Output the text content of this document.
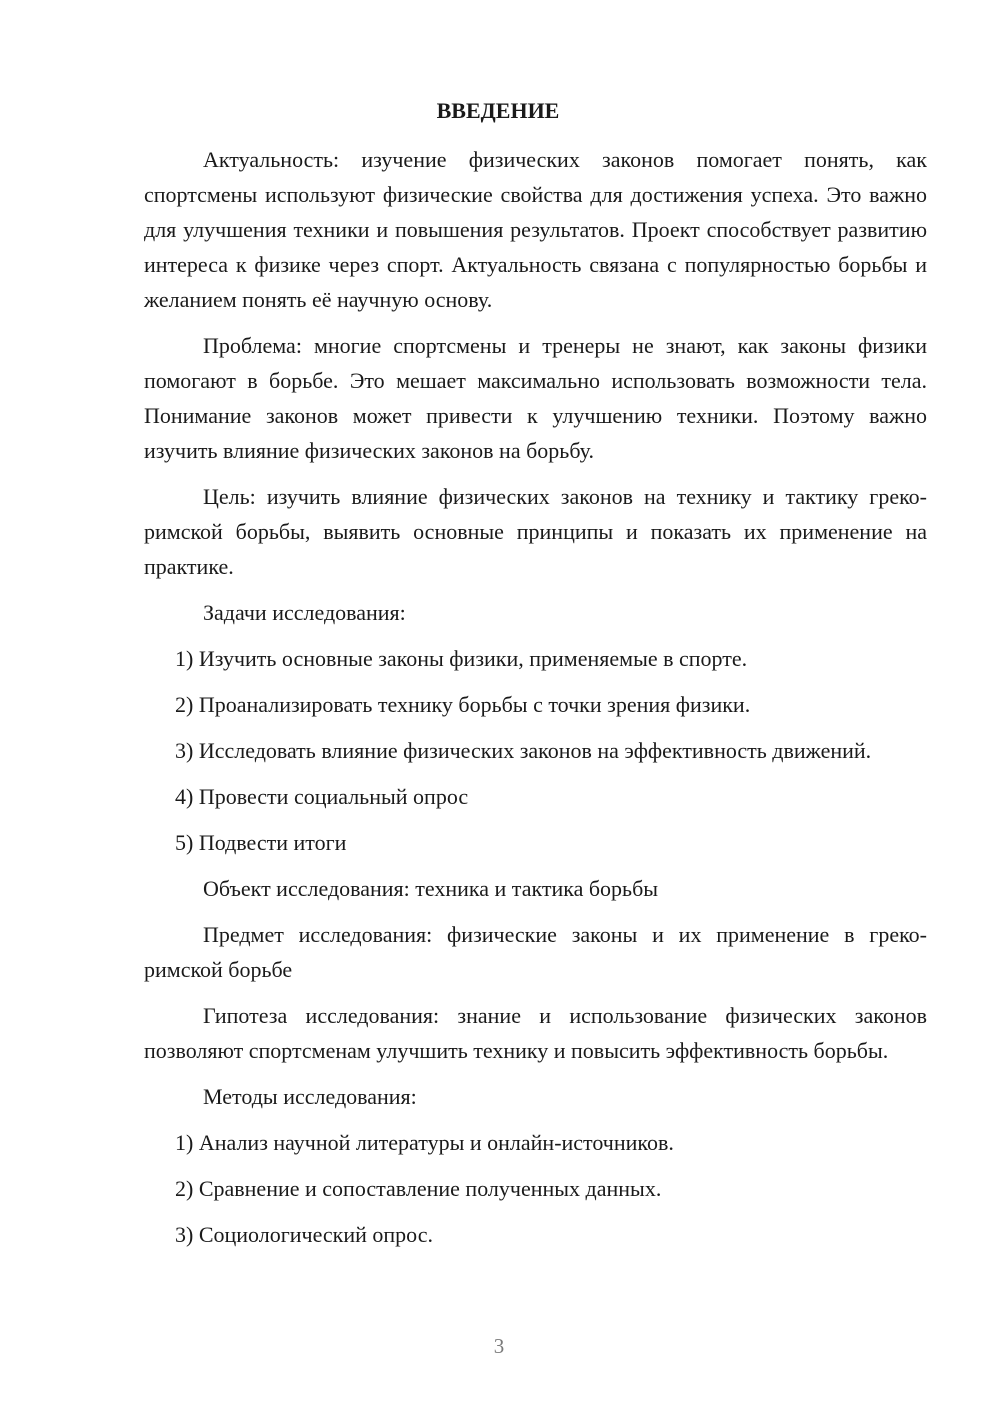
ВВЕДЕНИЕ

Актуальность: изучение физических законов помогает понять, как спортсмены используют физические свойства для достижения успеха. Это важно для улучшения техники и повышения результатов. Проект способствует развитию интереса к физике через спорт. Актуальность связана с популярностью борьбы и желанием понять её научную основу.

Проблема: многие спортсмены и тренеры не знают, как законы физики помогают в борьбе. Это мешает максимально использовать возможности тела. Понимание законов может привести к улучшению техники. Поэтому важно изучить влияние физических законов на борьбу.

Цель: изучить влияние физических законов на технику и тактику греко-римской борьбы, выявить основные принципы и показать их применение на практике.

Задачи исследования:

1) Изучить основные законы физики, применяемые в спорте.

2) Проанализировать технику борьбы с точки зрения физики.

3) Исследовать влияние физических законов на эффективность движений.

4) Провести социальный опрос

5) Подвести итоги

Объект исследования: техника и тактика борьбы

Предмет исследования: физические законы и их применение в греко-римской борьбе

Гипотеза исследования: знание и использование физических законов позволяют спортсменам улучшить технику и повысить эффективность борьбы.

Методы исследования:

1) Анализ научной литературы и онлайн-источников.

2) Сравнение и сопоставление полученных данных.

3) Социологический опрос.

3
